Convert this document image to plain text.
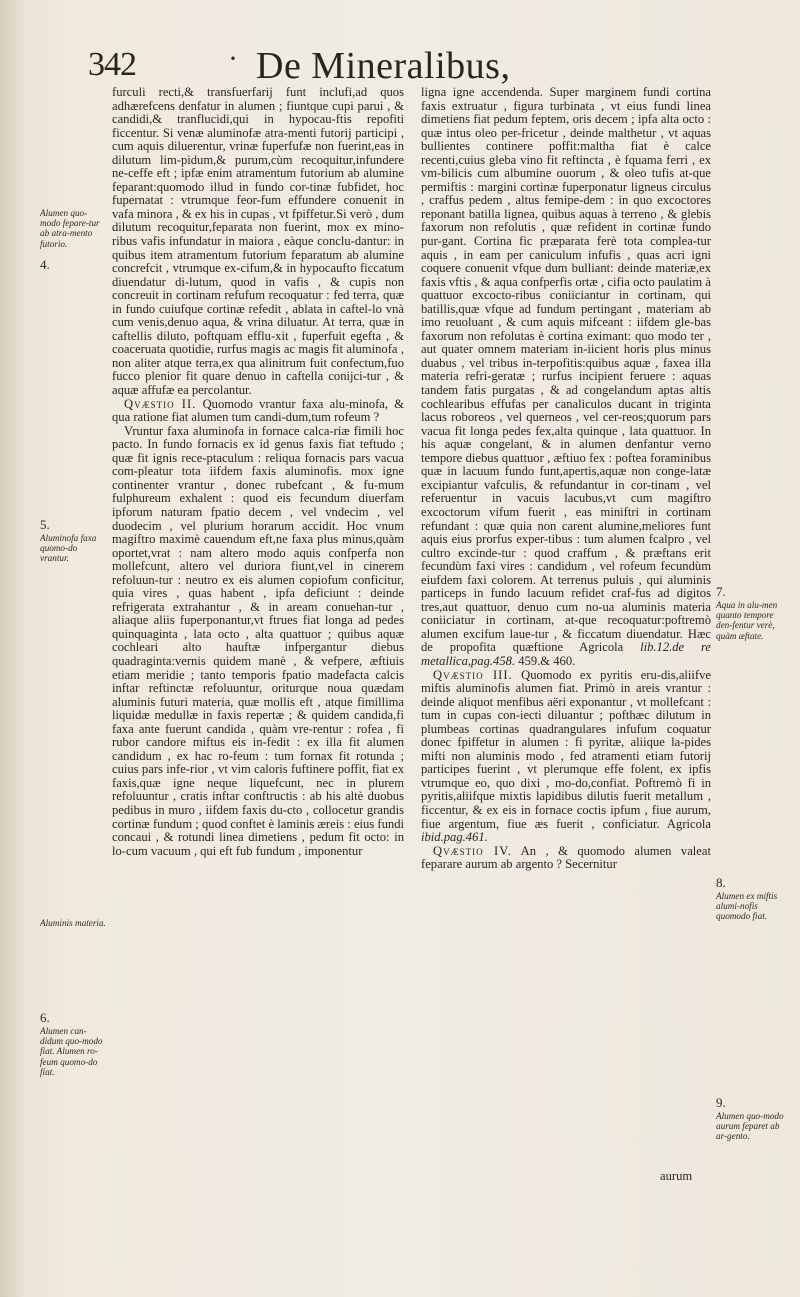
342
·	De Mineralibus,

furculi recti,& transfuerfarij funt inclufi,ad quos adhærefcens denfatur in alumen ; fiuntque cupi parui , & candidi,& tranflucidi,qui in hypocau-ftis repofiti ficcentur. Si venæ aluminofæ atra-menti futorij participi , cum aquis diluerentur, vrinæ fuperfufæ non fuerint,eas in dilutum lim-pidum,& purum,cùm recoquitur,infundere ne-ceffe eft ; ipfæ enim atramentum futorium ab alumine feparant:quomodo illud in fundo cor-tinæ fubfidet, hoc fupernatat : vtrumque feor-fum effundere conuenit in vafa minora , & ex his in cupas , vt fpiffetur.Si verò , dum dilutum recoquitur,feparata non fuerint, mox ex mino-ribus vafis infundatur in maiora , eàque conclu-dantur: in quibus item atramentum futorium feparatum ab alumine concrefcit , vtrumque ex-cifum,& in hypocaufto ficcatum diuendatur di-lutum, quod in vafis , & cupis non concreuit in cortinam refufum recoquatur : fed terra, quæ in fundo cuiufque cortinæ refedit , ablata in caftel-lo vnà cum venis,denuo aqua, & vrina diluatur. At terra, quæ in caftellis diluto, poftquam efflu-xit , fuperfuit egefta , & coaceruata quotidie, rurfus magis ac magis fit aluminofa , non aliter atque terra,ex qua alinitrum fuit confectum,fuo fucco plenior fit quare denuo in caftella conijci-tur , & aquæ affufæ ea percolantur.

Qvæstio II. Quomodo vrantur faxa alu-minofa, & qua ratione fiat alumen tum candi-dum,tum rofeum ?

Vruntur faxa aluminofa in fornace calca-riæ fimili hoc pacto. In fundo fornacis ex id genus faxis fiat teftudo ; quæ fit ignis rece-ptaculum : reliqua fornacis pars vacua com-pleatur tota iifdem faxis aluminofis. mox igne continenter vrantur , donec rubefcant , & fu-mum fulphureum exhalent : quod eis fecundum diuerfam ipforum naturam fpatio decem , vel vndecim , vel duodecim , vel plurium horarum accidit. Hoc vnum magiftro maximè cauendum eft,ne faxa plus minus,quàm oportet,vrat : nam altero modo aquis confperfa non mollefcunt, altero vel duriora fiunt,vel in cinerem refoluun-tur : neutro ex eis alumen copiofum conficitur, quia vires , quas habent , ipfa deficiunt : deinde refrigerata extrahantur , & in aream conuehan-tur , aliaque aliis fuperponantur,vt ftrues fiat longa ad pedes quinquaginta , lata octo , alta quattuor ; quibus aquæ cochleari alto hauftæ infpergantur diebus quadraginta:vernis quidem manè , & vefpere, æftiuis etiam meridie ; tanto temporis fpatio madefacta calcis inftar reftinctæ refoluuntur, oriturque noua quædam aluminis futuri materia, quæ mollis eft , atque fimillima liquidæ medullæ in faxis repertæ ; & quidem candida,fi faxa ante fuerunt candida , quàm vre-rentur : rofea , fi rubor candore miftus eis in-fedit : ex illa fit alumen candidum , ex hac ro-feum : tum fornax fit rotunda ; cuius pars infe-rior , vt vim caloris fuftinere poffit, fiat ex faxis,quæ igne neque liquefcunt, nec in plurem refoluuntur , cratis inftar conftructis : ab his altè duobus pedibus in muro , iifdem faxis du-cto , collocetur grandis cortinæ fundum ; quod conftet è laminis æreis : eius fundi concaui , & rotundi linea dimetiens , pedum fit octo: in lo-cum vacuum , qui eft fub fundum , imponentur

ligna igne accendenda. Super marginem fundi cortina faxis extruatur , figura turbinata , vt eius fundi linea dimetiens fiat pedum feptem, oris decem ; ipfa alta octo : quæ intus oleo per-fricetur , deinde malthetur , vt aquas bullientes continere poffit:maltha fiat è calce recenti,cuius gleba vino fit reftincta , è fquama ferri , ex vm-bilicis cum albumine ouorum , & oleo tufis at-que permiftis : margini cortinæ fuperponatur ligneus circulus , craffus pedem , altus femipe-dem : in quo excoctores reponant batilla lignea, quibus aquas à terreno , & glebis faxorum non refolutis , quæ refident in cortinæ fundo pur-gant. Cortina fic præparata ferè tota complea-tur aquis , in eam per caniculum infufis , quas acri igni coquere conuenit vfque dum bulliant: deinde materiæ,ex faxis vftis , & aqua confperfis ortæ , cifia octo paulatim à quattuor excocto-ribus coniiciantur in cortinam, qui batillis,quæ vfque ad fundum pertingant , materiam ab imo reuoluant , & cum aquis mifceant : iifdem gle-bas faxorum non refolutas è cortina eximant: quo modo ter , aut quater omnem materiam in-iicient horis plus minus duabus , vel tribus in-terpofitis:quibus aquæ , faxea illa materia refri-geratæ ; rurfus incipient feruere : aquas tandem fatis purgatas , & ad congelandum aptas altis cochlearibus effufas per canaliculos ducant in triginta lacus roboreos , vel querneos , vel cer-reos;quorum pars vacua fit longa pedes fex,alta quinque , lata quattuor. In his aquæ congelant, & in alumen denfantur verno tempore diebus quattuor , æftiuo fex : poftea foraminibus quæ in lacuum fundo funt,apertis,aquæ non conge-latæ excipiantur vafculis, & refundantur in cor-tinam , vel referuentur in vacuis lacubus,vt cum magiftro excoctorum vifum fuerit , eas miniftri in cortinam refundant : quæ quia non carent alumine,meliores funt aquis eius prorfus exper-tibus : tum alumen fcalpro , vel cultro excinde-tur : quod craffum , & præftans erit fecundùm faxi vires : candidum , vel rofeum fecundùm eiufdem faxi colorem. At terrenus puluis , qui aluminis particeps in fundo lacuum refidet craf-fus ad digitos tres,aut quattuor, denuo cum no-ua aluminis materia coniiciatur in cortinam, at-que recoquatur:poftremò alumen excifum laue-tur , & ficcatum diuendatur. Hæc de propofita quæftione Agricola lib.12.de re metallica,pag.458. 459.& 460.

Qvæstio III. Quomodo ex pyritis eru-dis,aliifve miftis aluminofis alumen fiat. Primò in areis vrantur : deinde aliquot menfibus aëri exponantur , vt mollefcant : tum in cupas con-iecti diluantur ; pofthæc dilutum in plumbeas cortinas quadrangulares infufum coquatur donec fpiffetur in alumen : fi pyritæ, aliique la-pides mifti non aluminis modo , fed atramenti etiam futorij participes fuerint , vt plerumque effe folent, ex ipfis vtrumque eo, quo dixi , mo-do,confiat. Poftremò fi in pyritis,aliifque mixtis lapidibus dilutis fuerit metallum , ficcentur, & ex eis in fornace coctis ipfum , fiue aurum, fiue argentum, fiue æs fuerit , conficiatur. Agricola ibid.pag.461.

Qvæstio IV. An , & quomodo alumen valeat feparare aurum ab argento ? Secernitur

aurum
Alumen quo-modo fepare-tur ab atra-mento futorio.
4.
5.
Aluminofa faxa quomo-do vrantur.
Aluminis materia.
6.
Alumen can-didum quo-modo fiat. Alumen ro-feum quomo-do fiat.
7.
Aqua in alu-men quanto tempore den-fentur verè, quàm æftate.
8.
Alumen ex miftis alumi-nofis quomodo fiat.
9.
Alumen quo-modo aurum feparet ab ar-gento.
